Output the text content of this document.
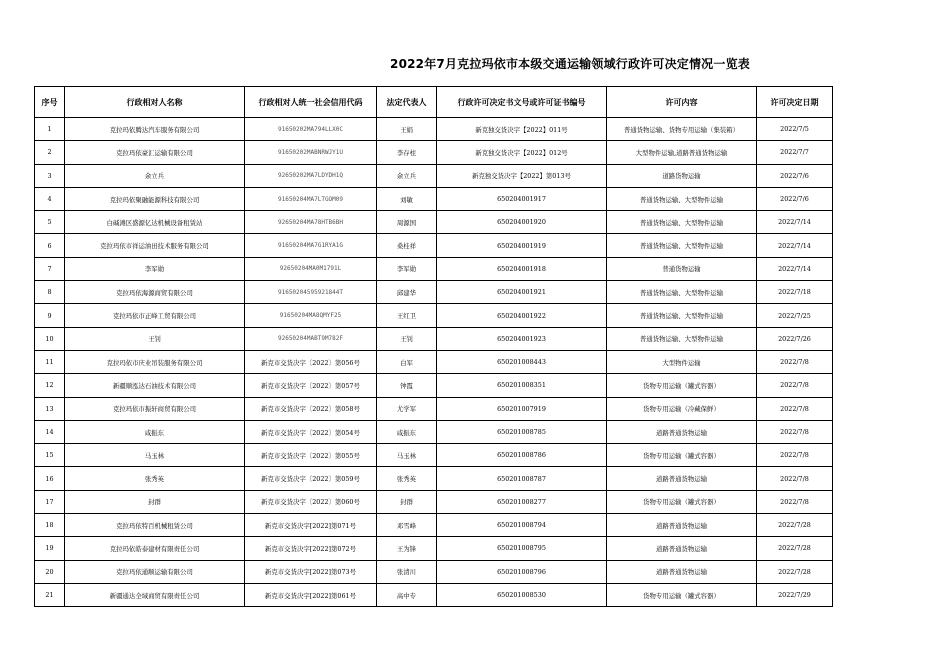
2022年7月克拉玛依市本级交通运输领域行政许可决定情况一览表
序号	行政相对人名称	行政相对人统一社会信用代码	法定代表人	行政许可决定书文号或许可证书编号	许可内容	许可决定日期
1	克拉玛依腾达汽车服务有限公司	91650202MA794LLX0C	王娟	新克独交货决字【2022】011号	普通货物运输、货物专用运输（集装箱）	2022/7/5
2	克拉玛依豪汇运输有限公司	91650202MABNRWJY1U	李存柱	新克独交货决字【2022】012号	大型物件运输,道路普通货物运输	2022/7/7
3	余立兵	92650202MA7LDYDH1Q	余立兵	新克独交货决字【2022】第013号	道路货物运输	2022/7/6
4	克拉玛依聚融能源科技有限公司	91650204MA7LTGOM09	刘敏	650204001917	普通货物运输、大型物件运输	2022/7/6
5	白碱滩区盛源亿达机械设备租赁站	92650204MA78HTB6BH	周源国	650204001920	普通货物运输、大型物件运输	2022/7/14
6	克拉玛依市祥运油田技术服务有限公司	91650204MA7G1RYA1G	桑桂祥	650204001919	普通货物运输、大型物件运输	2022/7/14
7	李军勋	92650204MA0M1791L	李军勋	650204001918	普通货物运输	2022/7/14
8	克拉玛依海源商贸有限公司	91650204595921844T	邱建华	650204001921	普通货物运输、大型物件运输	2022/7/18
9	克拉玛依市正峰工贸有限公司	91650204MA8QMYF25	王红卫	650204001922	普通货物运输、大型物件运输	2022/7/25
10	王钊	92650204MABT9M782F	王钊	650204001923	普通货物运输、大型物件运输	2022/7/26
11	克拉玛依市庆业吊装服务有限公司	新克市交货决字〔2022〕第056号	白军	650201008443	大型物件运输	2022/7/8
12	新疆顺泓达石油技术有限公司	新克市交货决字〔2022〕第057号	钟霞	650201008351	货物专用运输（罐式容器）	2022/7/8
13	克拉玛依市振轩商贸有限公司	新克市交货决字〔2022〕第058号	尤学军	650201007919	货物专用运输（冷藏保鲜）	2022/7/8
14	咸振东	新克市交货决字〔2022〕第054号	咸振东	650201008785	道路普通货物运输	2022/7/8
15	马玉林	新克市交货决字〔2022〕第055号	马玉林	650201008786	货物专用运输（罐式容器）	2022/7/8
16	张秀英	新克市交货决字〔2022〕第059号	张秀英	650201008787	道路普通货物运输	2022/7/8
17	封群	新克市交货决字〔2022〕第060号	封群	650201008277	货物专用运输（罐式容器）	2022/7/8
18	克拉玛依特百机械租赁公司	新克市交货决字[2022]第071号	邓雪峰	650201008794	道路普通货物运输	2022/7/28
19	克拉玛依皓泰建材有限责任公司	新克市交货决字[2022]第072号	王为锋	650201008795	道路普通货物运输	2022/7/28
20	克拉玛依通顺运输有限公司	新克市交货决字[2022]第073号	张清川	650201008796	道路普通货物运输	2022/7/28
21	新疆通达全域商贸有限责任公司	新克市交货决字[2022]第061号	高中专	650201008530	货物专用运输（罐式容器）	2022/7/29
